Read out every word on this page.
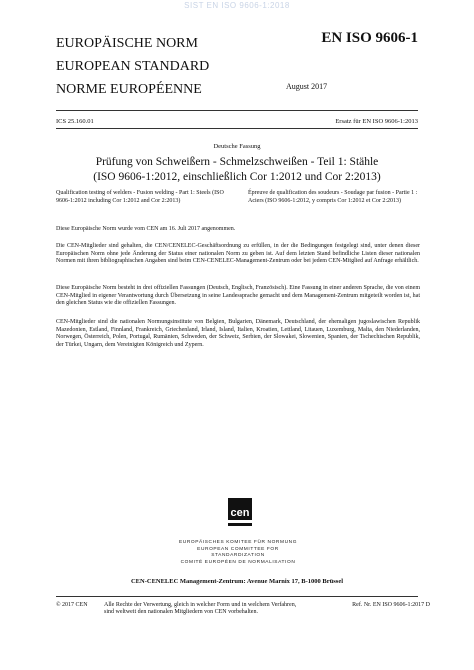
SIST EN ISO 9606-1:2018
EUROPÄISCHE NORM
EUROPEAN STANDARD
NORME EUROPÉENNE
EN ISO 9606-1
August 2017
ICS 25.160.01	Ersatz für EN ISO 9606-1:2013
Deutsche Fassung
Prüfung von Schweißern - Schmelzschweißen - Teil 1: Stähle
(ISO 9606-1:2012, einschließlich Cor 1:2012 und Cor 2:2013)
Qualification testing of welders - Fusion welding - Part 1: Steels (ISO 9606-1:2012 including Cor 1:2012 and Cor 2:2013)
Épreuve de qualification des soudeurs - Soudage par fusion - Partie 1 : Aciers (ISO 9606-1:2012, y compris Cor 1:2012 et Cor 2:2013)
Diese Europäische Norm wurde vom CEN am 16. Juli 2017 angenommen.
Die CEN-Mitglieder sind gehalten, die CEN/CENELEC-Geschäftsordnung zu erfüllen, in der die Bedingungen festgelegt sind, unter denen dieser Europäischen Norm ohne jede Änderung der Status einer nationalen Norm zu geben ist. Auf dem letzten Stand befindliche Listen dieser nationalen Normen mit ihren bibliographischen Angaben sind beim CEN-CENELEC-Management-Zentrum oder bei jedem CEN-Mitglied auf Anfrage erhältlich.
Diese Europäische Norm besteht in drei offiziellen Fassungen (Deutsch, Englisch, Französisch). Eine Fassung in einer anderen Sprache, die von einem CEN-Mitglied in eigener Verantwortung durch Übersetzung in seine Landessprache gemacht und dem Management-Zentrum mitgeteilt worden ist, hat den gleichen Status wie die offiziellen Fassungen.
CEN-Mitglieder sind die nationalen Normungsinstitute von Belgien, Bulgarien, Dänemark, Deutschland, der ehemaligen jugoslawischen Republik Mazedonien, Estland, Finnland, Frankreich, Griechenland, Irland, Island, Italien, Kroatien, Lettland, Litauen, Luxemburg, Malta, den Niederlanden, Norwegen, Österreich, Polen, Portugal, Rumänien, Schweden, der Schweiz, Serbien, der Slowakei, Slowenien, Spanien, der Tschechischen Republik, der Türkei, Ungarn, dem Vereinigten Königreich und Zypern.
cen
EUROPÄISCHES KOMITEE FÜR NORMUNG
EUROPEAN COMMITTEE FOR STANDARDIZATION
COMITÉ EUROPÉEN DE NORMALISATION
CEN-CENELEC Management-Zentrum: Avenue Marnix 17, B-1000 Brüssel
© 2017 CEN	Alle Rechte der Verwertung, gleich in welcher Form und in welchem Verfahren, sind weltweit den nationalen Mitgliedern von CEN vorbehalten.
Ref. Nr. EN ISO 9606-1:2017 D
